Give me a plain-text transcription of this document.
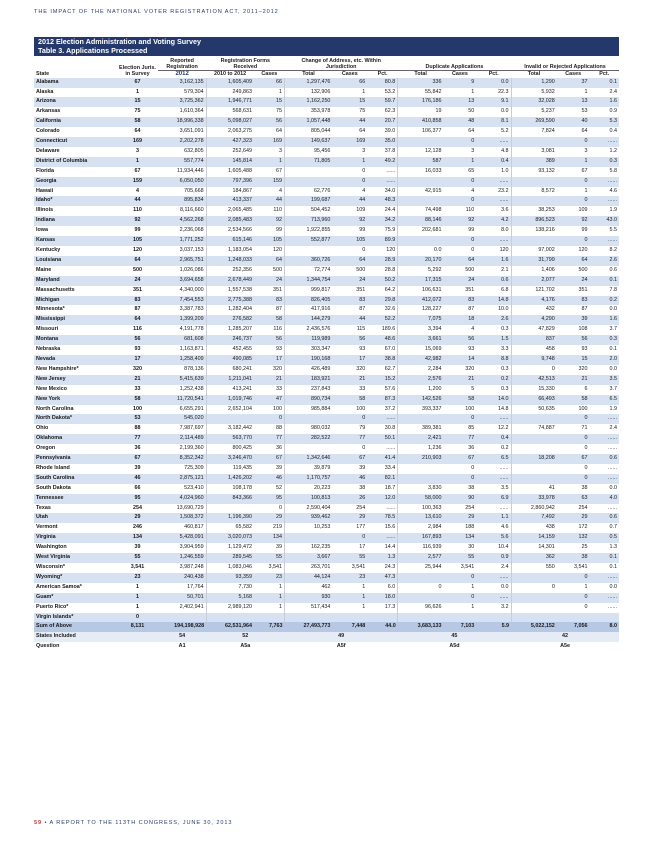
THE IMPACT OF THE NATIONAL VOTER REGISTRATION ACT, 2011–2012
2012 Election Administration and Voting Survey
Table 3. Applications Processed
State	Election Juris. in Survey	Reported Registration	Registration Forms Received		Change of Address, etc. Within Jurisdiction			Duplicate Applications			Invalid or Rejected Applications		
		2012	2010 to 2012	Cases	Total	Cases	Pct.	Total	Cases	Pct.	Total	Cases	Pct.
Alabama	67	3,162,135	1,605,409	66	1,297,476	66	80.8	336	9	0.0	1,290	37	0.1
Alaska	1	579,304	249,863	1	132,906	1	53.2	55,842	1	22.3	5,932	1	2.4
Arizona	15	3,725,362	1,946,771	15	1,162,250	15	59.7	176,186	13	9.1	32,028	13	1.6
Arkansas	75	1,610,364	568,631	75	353,978	75	62.3	19	50	0.0	5,237	53	0.9
California	58	18,996,338	5,098,027	56	1,057,448	44	20.7	410,858	48	8.1	269,590	40	5.3
Colorado	64	3,651,091	2,063,275	64	805,044	64	39.0	106,377	64	5.2	7,824	64	0.4
Connecticut	169	2,202,278	427,323	169	149,637	169	35.0		0	......		0	......
Delaware	3	632,805	252,649	3	95,456	3	37.8	12,128	3	4.8	3,081	3	1.2
District of Columbia	1	557,774	145,814	1	71,805	1	49.2	587	1	0.4	389	1	0.3
Florida	67	11,934,446	1,605,488	67		0	......	16,033	65	1.0	93,132	67	5.8
Georgia	159	6,050,050	797,396	159		0	......		0	......		0	......
Hawaii	4	705,668	184,867	4	62,776	4	34.0	42,915	4	23.2	8,572	1	4.6
Idaho*	44	895,834	413,337	44	199,687	44	48.3		0	......		0	......
Illinois	110	8,116,660	2,065,485	110	504,452	109	24.4	74,498	110	3.6	38,253	109	1.9
Indiana	92	4,562,268	2,085,483	92	713,960	92	34.2	88,146	92	4.2	896,523	92	43.0
Iowa	99	2,236,068	2,534,566	99	1,922,855	99	75.9	202,681	99	8.0	138,216	99	5.5
Kansas	105	1,771,252	615,146	105	552,877	105	89.9		0	......		0	......
Kentucky	120	3,037,153	1,183,054	120		0	120	0.0	0	120	97,002	120	8.2
Louisiana	64	2,965,751	1,248,033	64	360,726	64	28.9	20,170	64	1.6	31,799	64	2.6
Maine	500	1,026,086	252,356	500	72,774	500	28.8	5,292	500	2.1	1,406	500	0.6
Maryland	24	3,694,658	2,678,449	24	1,344,754	24	50.2	17,315	24	0.6	2,077	24	0.1
Massachusetts	351	4,340,000	1,557,538	351	999,817	351	64.2	106,631	351	6.8	121,702	351	7.8
Michigan	83	7,454,553	2,775,388	83	826,405	83	29.8	412,072	83	14.8	4,176	83	0.2
Minnesota*	87	3,387,783	1,282,404	87	417,916	87	32.6	128,227	87	10.0	432	87	0.0
Mississippi	64	1,399,209	276,582	58	144,279	44	52.2	7,075	18	2.6	4,290	39	1.6
Missouri	116	4,191,778	1,285,207	116	2,436,576	115	189.6	3,394	4	0.3	47,829	108	3.7
Montana	56	681,608	246,737	56	119,989	56	48.6	3,661	56	1.5	837	56	0.3
Nebraska	93	1,163,871	452,455	93	303,347	93	67.0	15,069	93	3.3	458	93	0.1
Nevada	17	1,258,409	490,085	17	190,168	17	38.8	42,982	14	8.8	9,748	15	2.0
New Hampshire*	320	878,136	680,241	320	426,489	320	62.7	2,284	320	0.3	0	320	0.0
New Jersey	21	5,415,639	1,211,041	21	183,921	21	15.2	2,576	21	0.2	42,513	21	3.5
New Mexico	33	1,252,438	413,241	33	237,843	33	57.6	1,200	5	0.3	15,330	6	3.7
New York	58	11,720,541	1,019,746	47	890,734	58	87.3	142,526	58	14.0	66,493	58	6.5
North Carolina	100	6,655,291	2,652,104	100	985,884	100	37.2	393,337	100	14.8	50,635	100	1.9
North Dakota*	53	545,020		0		0	......		0	......		0	......
Ohio	88	7,987,697	3,182,442	88	980,032	79	30.8	389,381	85	12.2	74,887	71	2.4
Oklahoma	77	2,114,489	563,770	77	282,522	77	50.1	2,421	77	0.4		0	......
Oregon	36	2,199,360	800,425	36		0	......	1,236	36	0.2		0	......
Pennsylvania	67	8,352,342	3,246,470	67	1,342,646	67	41.4	210,903	67	6.5	18,208	67	0.6
Rhode Island	39	725,309	119,435	39	39,879	39	33.4		0	......		0	......
South Carolina	46	2,875,121	1,426,202	46	1,170,757	46	82.1		0	......		0	......
South Dakota	66	523,410	108,178	52	20,223	38	18.7	3,830	38	3.5	41	38	0.0
Tennessee	95	4,024,960	843,366	95	100,813	26	12.0	58,000	90	6.9	33,978	63	4.0
Texas	254	13,690,729		0	2,590,404	254	......	100,363	254	......	2,860,942	254	......
Utah	29	1,508,372	1,196,390	29	939,462	29	78.5	13,610	29	1.1	7,492	29	0.6
Vermont	246	460,817	65,582	219	10,253	177	15.6	2,984	188	4.6	438	172	0.7
Virginia	134	5,428,091	3,020,073	134		0	......	167,893	134	5.6	14,159	132	0.5
Washington	39	3,904,959	1,129,472	39	162,235	17	14.4	116,939	30	10.4	14,301	25	1.3
West Virginia	55	1,246,559	289,545	55	3,667	55	1.3	2,577	55	0.9	362	38	0.1
Wisconsin*	3,541	3,987,248	1,083,046	3,541	263,701	3,541	24.3	25,944	3,541	2.4	550	3,541	0.1
Wyoming*	23	240,438	93,359	23	44,124	23	47.3		0	......		0	......
American Samoa*	1	17,764	7,730	1	462	1	6.0	0	1	0.0	0	1	0.0
Guam*	1	50,701	5,168	1	930	1	18.0		0	......		0	......
Puerto Rico*	1	2,402,941	2,989,120	1	517,434	1	17.3	96,626	1	3.2		0	......
Virgin Islands*	0												
Sum of Above	8,131	194,198,928	62,531,964	7,763	27,493,773	7,448	44.0	3,683,133	7,103	5.9	5,022,152	7,056	8.0
States Included		54	52		49			45			42		
Question		A1	A5a		A5f			A5d			A5e		
59 • A REPORT TO THE 113TH CONGRESS, JUNE 30, 2013
